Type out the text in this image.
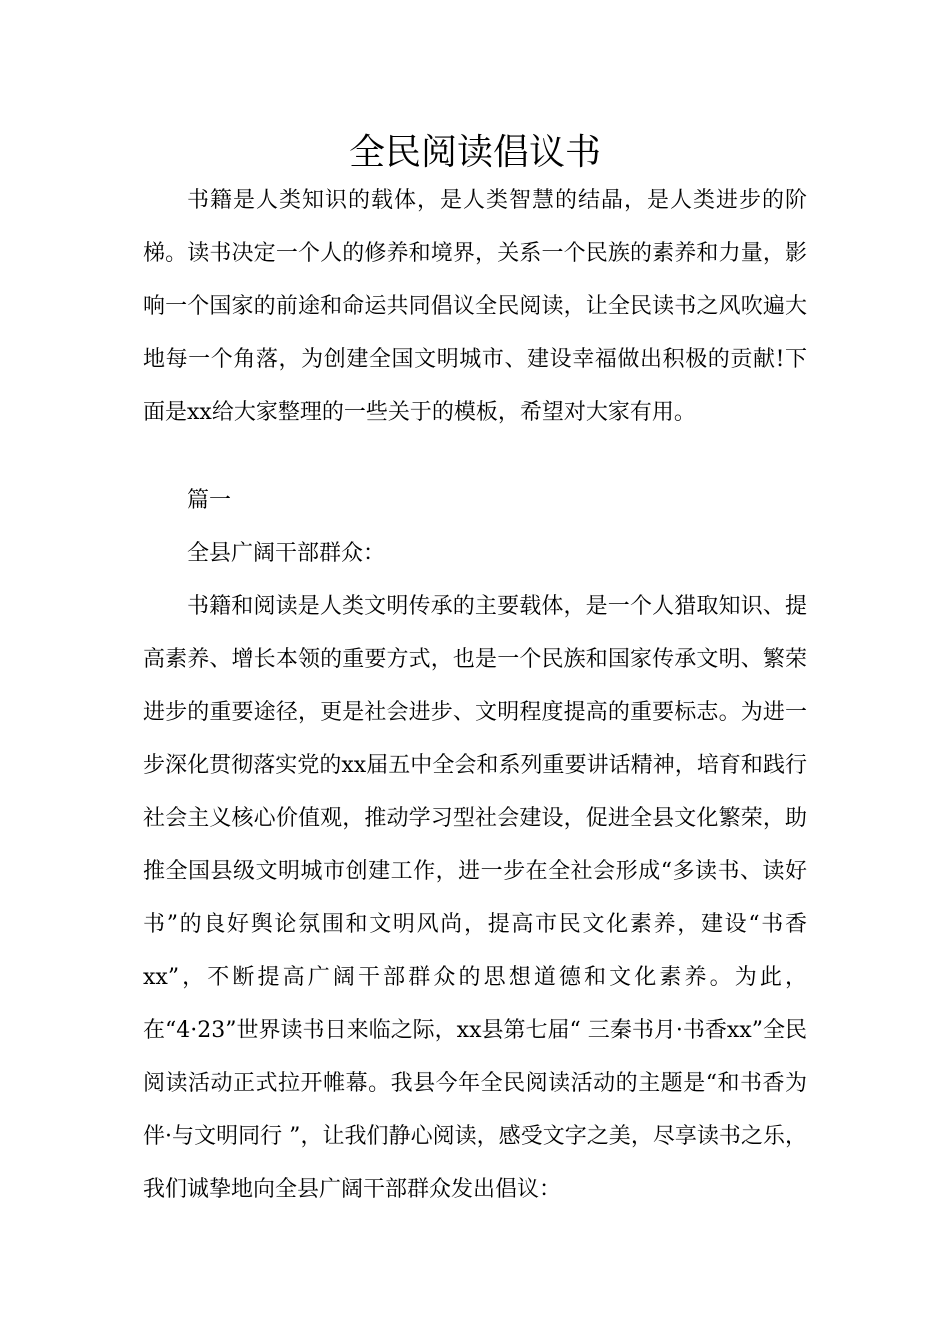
全民阅读倡议书

书籍是人类知识的载体，是人类智慧的结晶，是人类进步的阶梯。读书决定一个人的修养和境界，关系一个民族的素养和力量，影响一个国家的前途和命运共同倡议全民阅读，让全民读书之风吹遍大地每一个角落，为创建全国文明城市、建设幸福做出积极的贡献!下面是xx给大家整理的一些关于的模板，希望对大家有用。

篇一

全县广阔干部群众：

书籍和阅读是人类文明传承的主要载体，是一个人猎取知识、提高素养、增长本领的重要方式，也是一个民族和国家传承文明、繁荣进步的重要途径，更是社会进步、文明程度提高的重要标志。为进一步深化贯彻落实党的xx届五中全会和系列重要讲话精神，培育和践行社会主义核心价值观，推动学习型社会建设，促进全县文化繁荣，助推全国县级文明城市创建工作，进一步在全社会形成“多读书、读好书”的良好舆论氛围和文明风尚，提高市民文化素养，建设“书香xx”，不断提高广阔干部群众的思想道德和文化素养。为此，在“4·23”世界读书日来临之际，xx县第七届“ 三秦书月·书香xx”全民阅读活动正式拉开帷幕。我县今年全民阅读活动的主题是“和书香为伴·与文明同行 ”，让我们静心阅读，感受文字之美，尽享读书之乐，我们诚挚地向全县广阔干部群众发出倡议：
